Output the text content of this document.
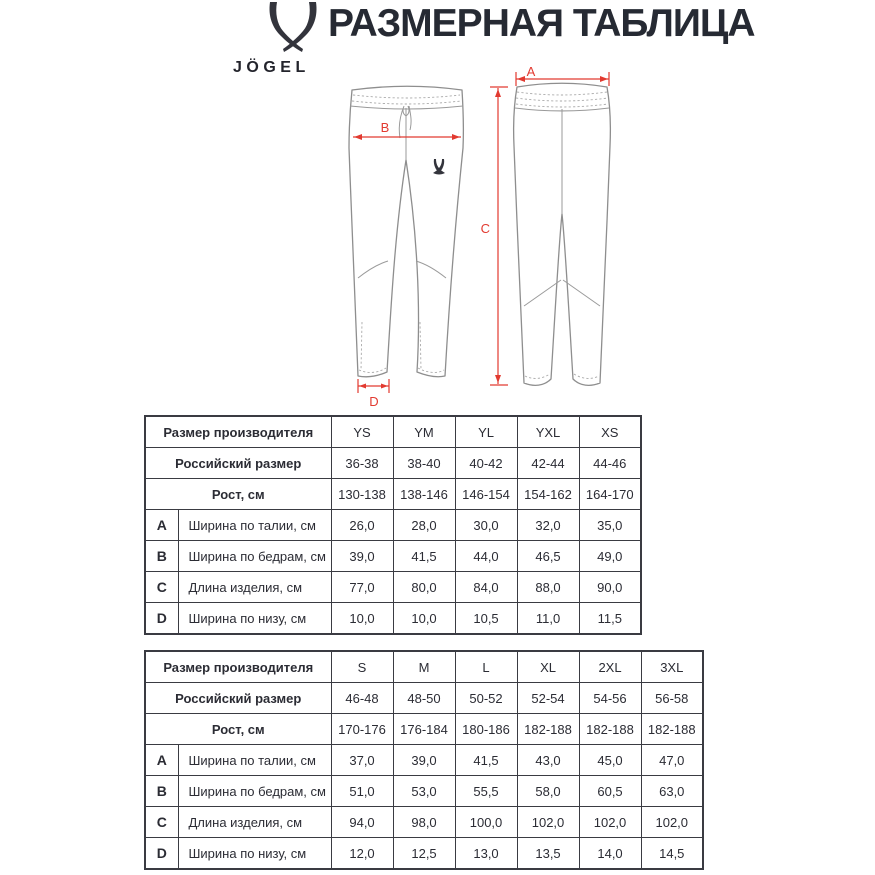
JÖGEL
РАЗМЕРНАЯ ТАБЛИЦА
A
B
C
D
Размер производителя		YS	YM	YL	YXL	XS
Российский размер		36-38	38-40	40-42	42-44	44-46
Рост, см		130-138	138-146	146-154	154-162	164-170
A	Ширина по талии, см	26,0	28,0	30,0	32,0	35,0
B	Ширина по бедрам, см	39,0	41,5	44,0	46,5	49,0
C	Длина изделия, см	77,0	80,0	84,0	88,0	90,0
D	Ширина по низу, см	10,0	10,0	10,5	11,0	11,5
Размер производителя		S	M	L	XL	2XL	3XL
Российский размер		46-48	48-50	50-52	52-54	54-56	56-58
Рост, см		170-176	176-184	180-186	182-188	182-188	182-188
A	Ширина по талии, см	37,0	39,0	41,5	43,0	45,0	47,0
B	Ширина по бедрам, см	51,0	53,0	55,5	58,0	60,5	63,0
C	Длина изделия, см	94,0	98,0	100,0	102,0	102,0	102,0
D	Ширина по низу, см	12,0	12,5	13,0	13,5	14,0	14,5
